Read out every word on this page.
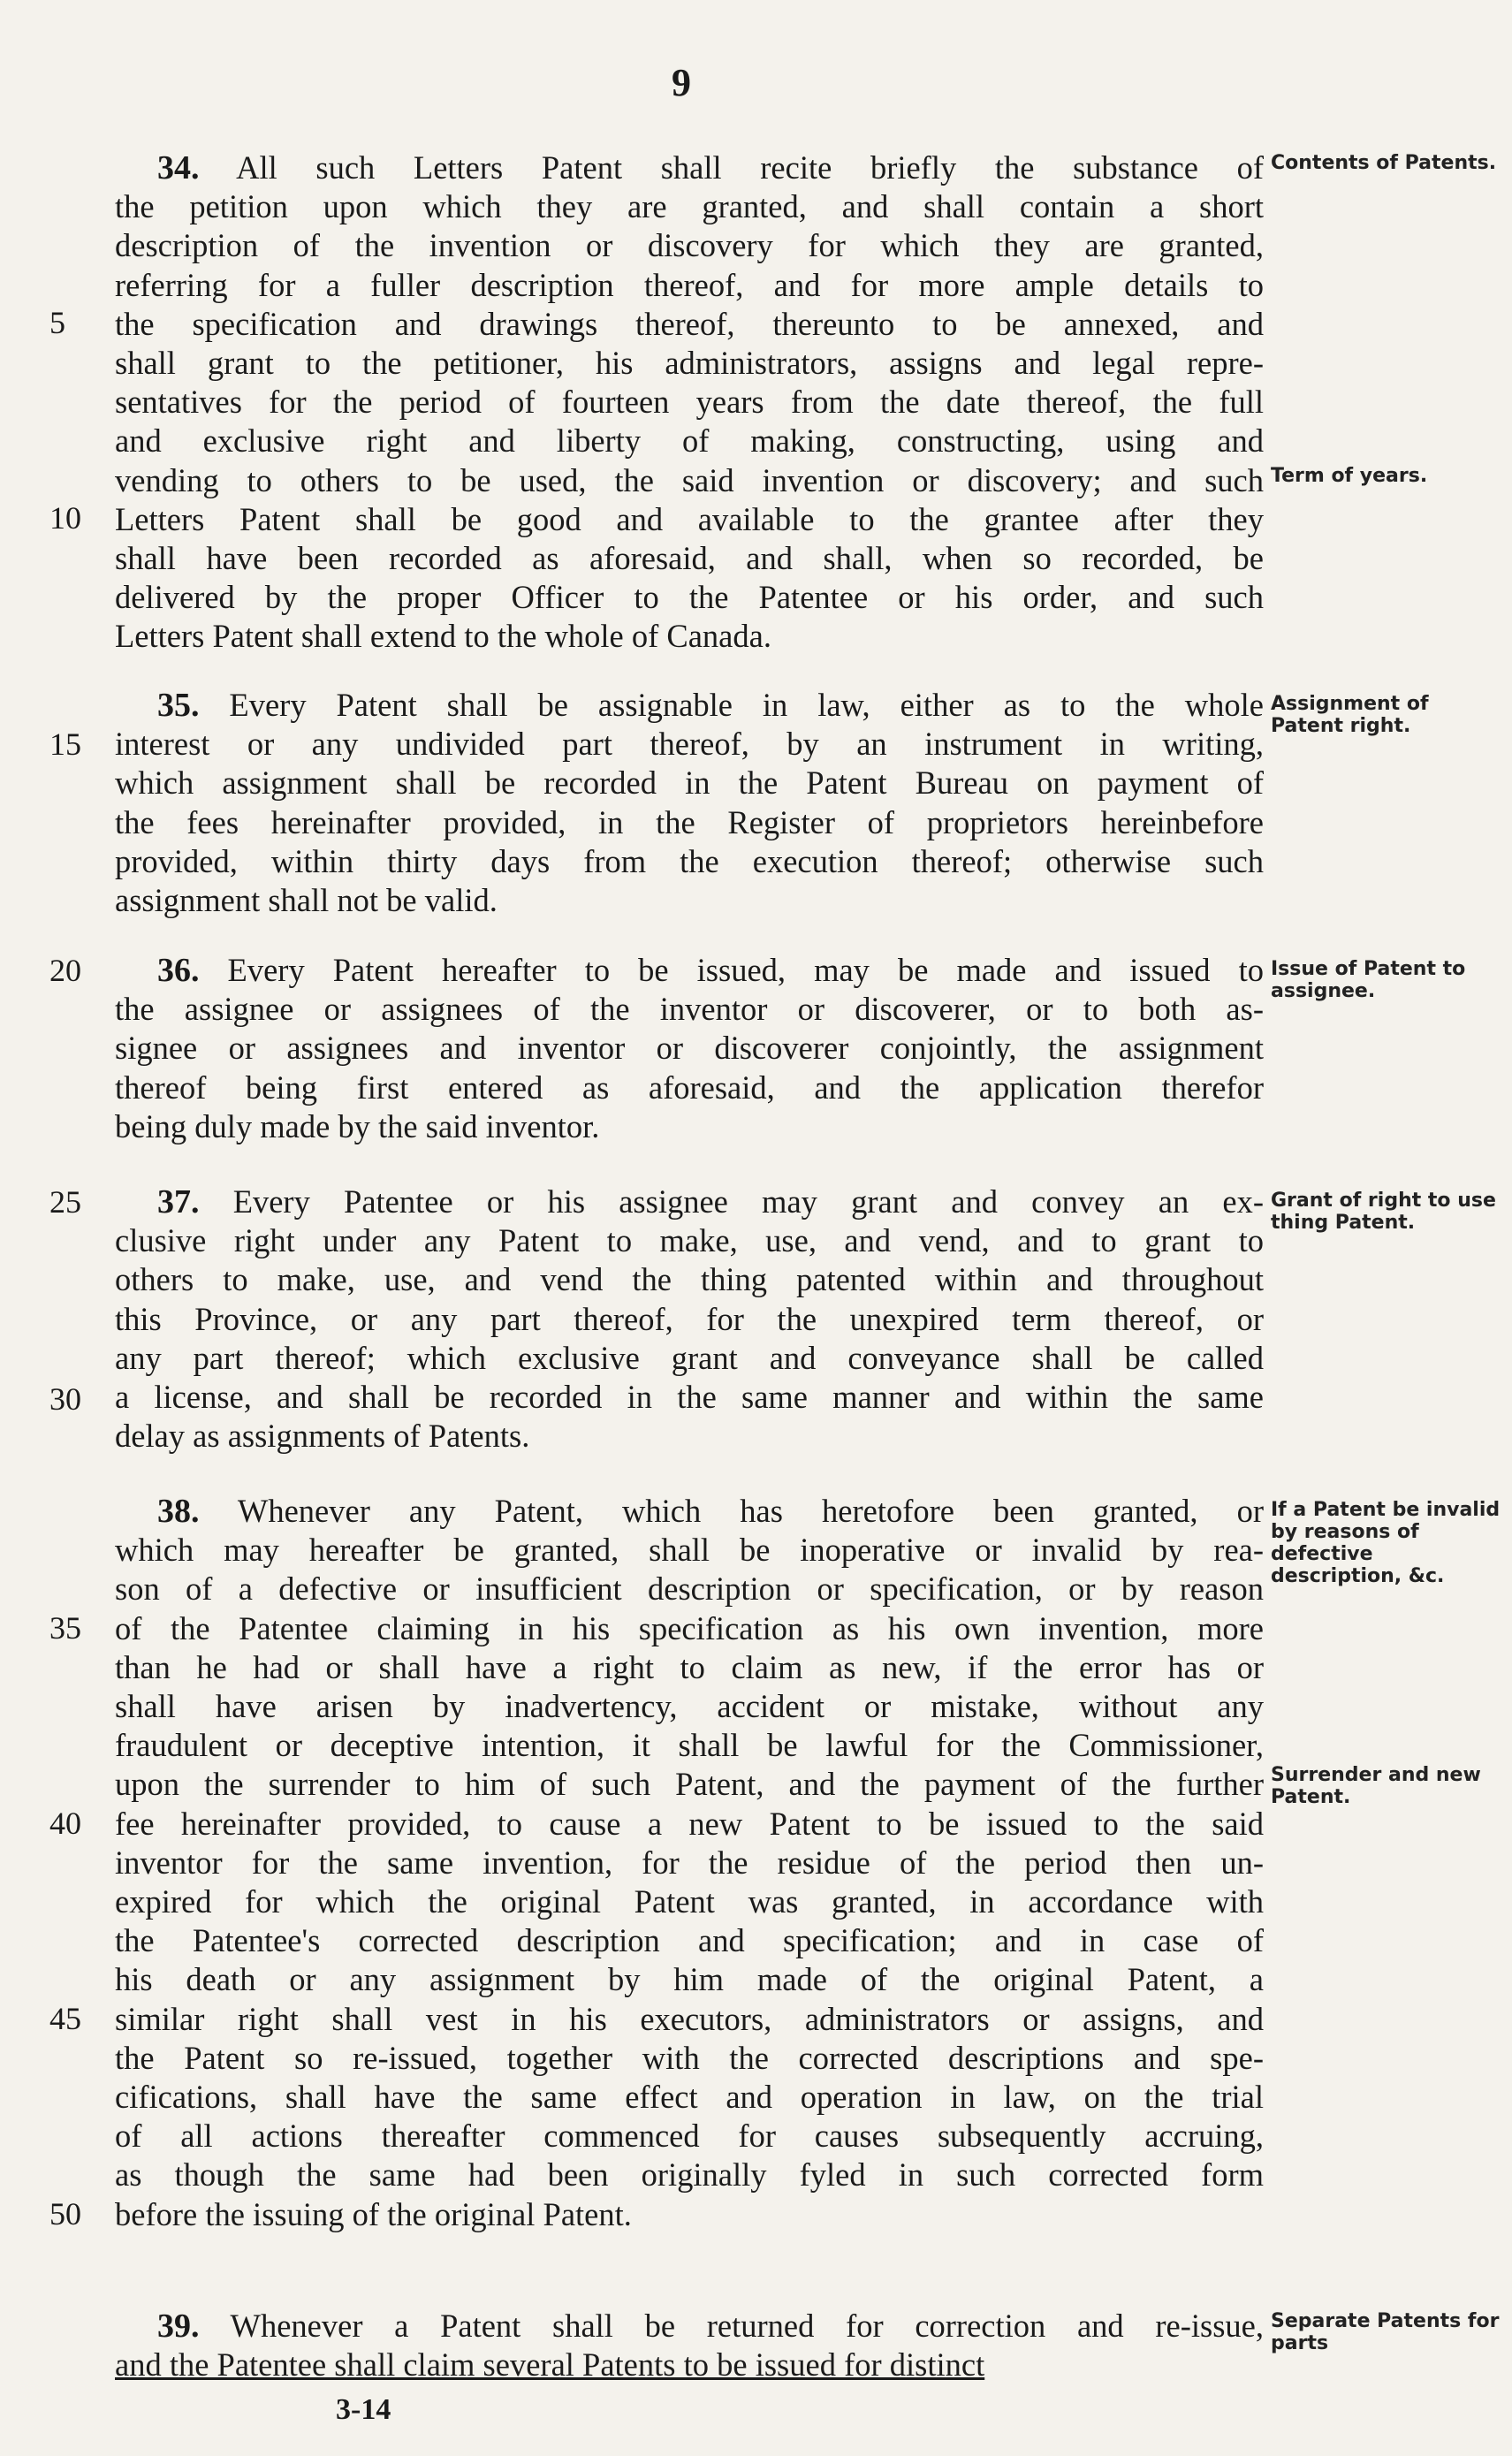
9
34. All such Letters Patent shall recite briefly the substance of
the petition upon which they are granted, and shall contain a short
description of the invention or discovery for which they are granted,
referring for a fuller description thereof, and for more ample details to
the specification and drawings thereof, thereunto to be annexed, and
shall grant to the petitioner, his administrators, assigns and legal repre-
sentatives for the period of fourteen years from the date thereof, the full
and exclusive right and liberty of making, constructing, using and
vending to others to be used, the said invention or discovery; and such
Letters Patent shall be good and available to the grantee after they
shall have been recorded as aforesaid, and shall, when so recorded, be
delivered by the proper Officer to the Patentee or his order, and such
Letters Patent shall extend to the whole of Canada.
Contents of Patents.
Term of years.
35. Every Patent shall be assignable in law, either as to the whole
interest or any undivided part thereof, by an instrument in writing,
which assignment shall be recorded in the Patent Bureau on payment of
the fees hereinafter provided, in the Register of proprietors hereinbefore
provided, within thirty days from the execution thereof; otherwise such
assignment shall not be valid.
Assignment of Patent right.
36. Every Patent hereafter to be issued, may be made and issued to
the assignee or assignees of the inventor or discoverer, or to both as-
signee or assignees and inventor or discoverer conjointly, the assignment
thereof being first entered as aforesaid, and the application therefor
being duly made by the said inventor.
Issue of Patent to assignee.
37. Every Patentee or his assignee may grant and convey an ex-
clusive right under any Patent to make, use, and vend, and to grant to
others to make, use, and vend the thing patented within and throughout
this Province, or any part thereof, for the unexpired term thereof, or
any part thereof; which exclusive grant and conveyance shall be called
a license, and shall be recorded in the same manner and within the same
delay as assignments of Patents.
Grant of right to use thing Patent.
38. Whenever any Patent, which has heretofore been granted, or
which may hereafter be granted, shall be inoperative or invalid by rea-
son of a defective or insufficient description or specification, or by reason
of the Patentee claiming in his specification as his own invention, more
than he had or shall have a right to claim as new, if the error has or
shall have arisen by inadvertency, accident or mistake, without any
fraudulent or deceptive intention, it shall be lawful for the Commissioner,
upon the surrender to him of such Patent, and the payment of the further
fee hereinafter provided, to cause a new Patent to be issued to the said
inventor for the same invention, for the residue of the period then un-
expired for which the original Patent was granted, in accordance with
the Patentee's corrected description and specification; and in case of
his death or any assignment by him made of the original Patent, a
similar right shall vest in his executors, administrators or assigns, and
the Patent so re-issued, together with the corrected descriptions and spe-
cifications, shall have the same effect and operation in law, on the trial
of all actions thereafter commenced for causes subsequently accruing,
as though the same had been originally fyled in such corrected form
before the issuing of the original Patent.
If a Patent be invalid by reasons of defective description, &c.
Surrender and new Patent.
39. Whenever a Patent shall be returned for correction and re-issue,
and the Patentee shall claim several Patents to be issued for distinct
Separate Patents for parts
5
10
15
20
25
30
35
40
45
50
3-14
